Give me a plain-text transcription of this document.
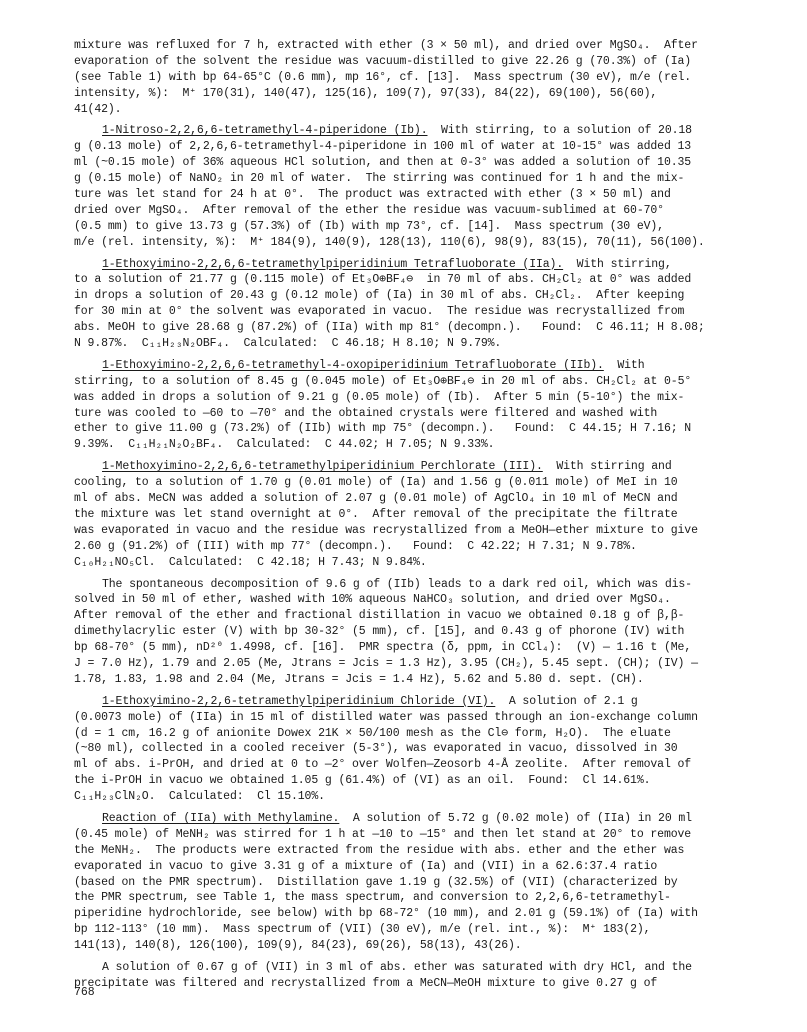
mixture was refluxed for 7 h, extracted with ether (3 × 50 ml), and dried over MgSO₄.  After
evaporation of the solvent the residue was vacuum-distilled to give 22.26 g (70.3%) of (Ia)
(see Table 1) with bp 64-65°C (0.6 mm), mp 16°, cf. [13].  Mass spectrum (30 eV), m/e (rel.
intensity, %):  M⁺ 170(31), 140(47), 125(16), 109(7), 97(33), 84(22), 69(100), 56(60),
41(42).
1-Nitroso-2,2,6,6-tetramethyl-4-piperidone (Ib).  With stirring, to a solution of 20.18
g (0.13 mole) of 2,2,6,6-tetramethyl-4-piperidone in 100 ml of water at 10-15° was added 13
ml (~0.15 mole) of 36% aqueous HCl solution, and then at 0-3° was added a solution of 10.35
g (0.15 mole) of NaNO₂ in 20 ml of water.  The stirring was continued for 1 h and the mix-
ture was let stand for 24 h at 0°.  The product was extracted with ether (3 × 50 ml) and
dried over MgSO₄.  After removal of the ether the residue was vacuum-sublimed at 60-70°
(0.5 mm) to give 13.73 g (57.3%) of (Ib) with mp 73°, cf. [14].  Mass spectrum (30 eV),
m/e (rel. intensity, %):  M⁺ 184(9), 140(9), 128(13), 110(6), 98(9), 83(15), 70(11), 56(100).
1-Ethoxyimino-2,2,6,6-tetramethylpiperidinium Tetrafluoborate (IIa).  With stirring,
to a solution of 21.77 g (0.115 mole) of Et₃O⊕BF₄⊖  in 70 ml of abs. CH₂Cl₂ at 0° was added
in drops a solution of 20.43 g (0.12 mole) of (Ia) in 30 ml of abs. CH₂Cl₂.  After keeping
for 30 min at 0° the solvent was evaporated in vacuo.  The residue was recrystallized from
abs. MeOH to give 28.68 g (87.2%) of (IIa) with mp 81° (decompn.).   Found:  C 46.11; H 8.08;
N 9.87%.  C₁₁H₂₃N₂OBF₄.  Calculated:  C 46.18; H 8.10; N 9.79%.
1-Ethoxyimino-2,2,6,6-tetramethyl-4-oxopiperidinium Tetrafluoborate (IIb).  With
stirring, to a solution of 8.45 g (0.045 mole) of Et₃O⊕BF₄⊖ in 20 ml of abs. CH₂Cl₂ at 0-5°
was added in drops a solution of 9.21 g (0.05 mole) of (Ib).  After 5 min (5-10°) the mix-
ture was cooled to —60 to —70° and the obtained crystals were filtered and washed with
ether to give 11.00 g (73.2%) of (IIb) with mp 75° (decompn.).   Found:  C 44.15; H 7.16; N
9.39%.  C₁₁H₂₁N₂O₂BF₄.  Calculated:  C 44.02; H 7.05; N 9.33%.
1-Methoxyimino-2,2,6,6-tetramethylpiperidinium Perchlorate (III).  With stirring and
cooling, to a solution of 1.70 g (0.01 mole) of (Ia) and 1.56 g (0.011 mole) of MeI in 10
ml of abs. MeCN was added a solution of 2.07 g (0.01 mole) of AgClO₄ in 10 ml of MeCN and
the mixture was let stand overnight at 0°.  After removal of the precipitate the filtrate
was evaporated in vacuo and the residue was recrystallized from a MeOH—ether mixture to give
2.60 g (91.2%) of (III) with mp 77° (decompn.).   Found:  C 42.22; H 7.31; N 9.78%.
C₁₀H₂₁NO₅Cl.  Calculated:  C 42.18; H 7.43; N 9.84%.
The spontaneous decomposition of 9.6 g of (IIb) leads to a dark red oil, which was dis-
solved in 50 ml of ether, washed with 10% aqueous NaHCO₃ solution, and dried over MgSO₄.
After removal of the ether and fractional distillation in vacuo we obtained 0.18 g of β,β-
dimethylacrylic ester (V) with bp 30-32° (5 mm), cf. [15], and 0.43 g of phorone (IV) with
bp 68-70° (5 mm), nD²⁰ 1.4998, cf. [16].  PMR spectra (δ, ppm, in CCl₄):  (V) — 1.16 t (Me,
J = 7.0 Hz), 1.79 and 2.05 (Me, Jtrans = Jcis = 1.3 Hz), 3.95 (CH₂), 5.45 sept. (CH); (IV) —
1.78, 1.83, 1.98 and 2.04 (Me, Jtrans = Jcis = 1.4 Hz), 5.62 and 5.80 d. sept. (CH).
1-Ethoxyimino-2,2,6-tetramethylpiperidinium Chloride (VI).  A solution of 2.1 g
(0.0073 mole) of (IIa) in 15 ml of distilled water was passed through an ion-exchange column
(d = 1 cm, 16.2 g of anionite Dowex 21K × 50/100 mesh as the Cl⊖ form, H₂O).  The eluate
(~80 ml), collected in a cooled receiver (5-3°), was evaporated in vacuo, dissolved in 30
ml of abs. i-PrOH, and dried at 0 to —2° over Wolfen—Zeosorb 4-Å zeolite.  After removal of
the i-PrOH in vacuo we obtained 1.05 g (61.4%) of (VI) as an oil.  Found:  Cl 14.61%.
C₁₁H₂₃ClN₂O.  Calculated:  Cl 15.10%.
Reaction of (IIa) with Methylamine.  A solution of 5.72 g (0.02 mole) of (IIa) in 20 ml
(0.45 mole) of MeNH₂ was stirred for 1 h at —10 to —15° and then let stand at 20° to remove
the MeNH₂.  The products were extracted from the residue with abs. ether and the ether was
evaporated in vacuo to give 3.31 g of a mixture of (Ia) and (VII) in a 62.6:37.4 ratio
(based on the PMR spectrum).  Distillation gave 1.19 g (32.5%) of (VII) (characterized by
the PMR spectrum, see Table 1, the mass spectrum, and conversion to 2,2,6,6-tetramethyl-
piperidine hydrochloride, see below) with bp 68-72° (10 mm), and 2.01 g (59.1%) of (Ia) with
bp 112-113° (10 mm).  Mass spectrum of (VII) (30 eV), m/e (rel. int., %):  M⁺ 183(2),
141(13), 140(8), 126(100), 109(9), 84(23), 69(26), 58(13), 43(26).
A solution of 0.67 g of (VII) in 3 ml of abs. ether was saturated with dry HCl, and the
precipitate was filtered and recrystallized from a MeCN—MeOH mixture to give 0.27 g of
768
